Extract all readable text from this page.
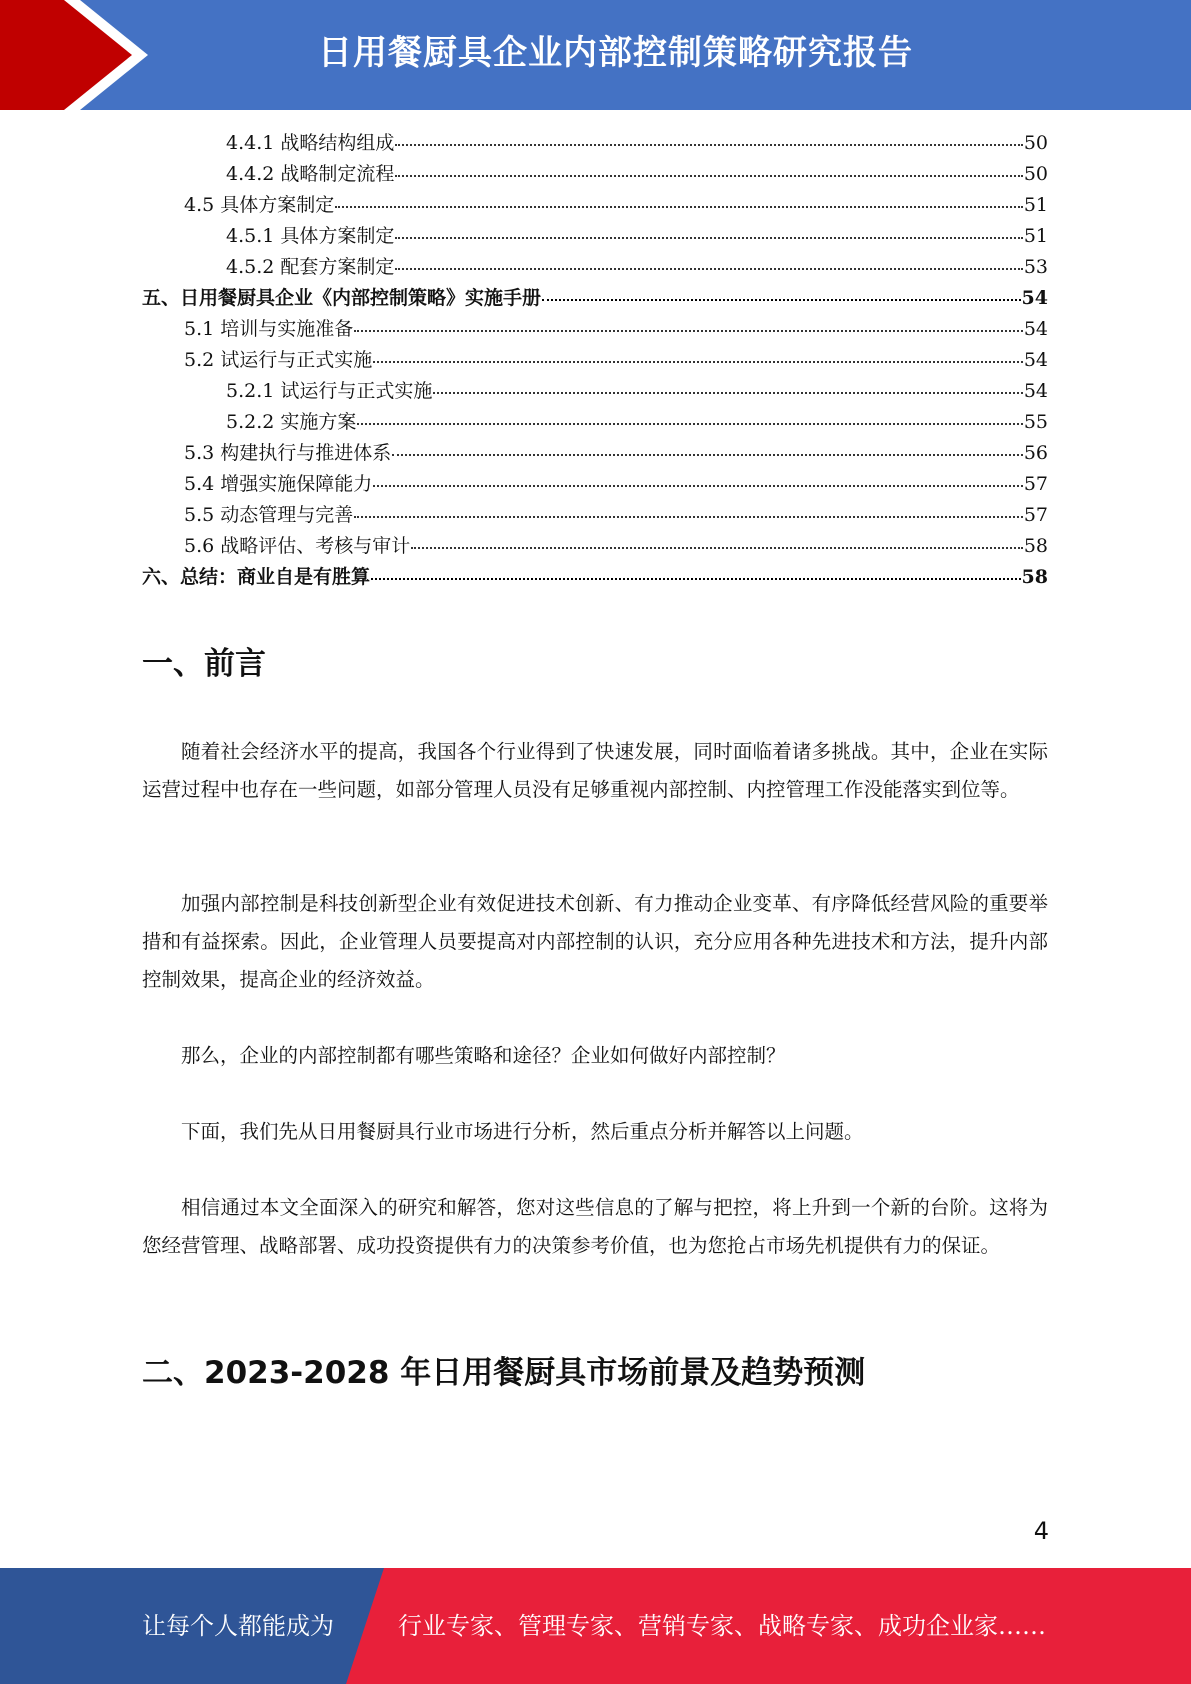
日用餐厨具企业内部控制策略研究报告
4.4.1 战略结构组成	50
4.4.2 战略制定流程	50
4.5 具体方案制定	51
4.5.1 具体方案制定	51
4.5.2 配套方案制定	53
五、日用餐厨具企业《内部控制策略》实施手册	54
5.1 培训与实施准备	54
5.2 试运行与正式实施	54
5.2.1 试运行与正式实施	54
5.2.2 实施方案	55
5.3 构建执行与推进体系	56
5.4 增强实施保障能力	57
5.5 动态管理与完善	57
5.6 战略评估、考核与审计	58
六、总结：商业自是有胜算	58
一、前言

随着社会经济水平的提高，我国各个行业得到了快速发展，同时面临着诸多挑战。其中，企业在实际运营过程中也存在一些问题，如部分管理人员没有足够重视内部控制、内控管理工作没能落实到位等。

加强内部控制是科技创新型企业有效促进技术创新、有力推动企业变革、有序降低经营风险的重要举措和有益探索。因此，企业管理人员要提高对内部控制的认识，充分应用各种先进技术和方法，提升内部控制效果，提高企业的经济效益。

那么，企业的内部控制都有哪些策略和途径？企业如何做好内部控制？

下面，我们先从日用餐厨具行业市场进行分析，然后重点分析并解答以上问题。

相信通过本文全面深入的研究和解答，您对这些信息的了解与把控，将上升到一个新的台阶。这将为您经营管理、战略部署、成功投资提供有力的决策参考价值，也为您抢占市场先机提供有力的保证。

二、2023-2028 年日用餐厨具市场前景及趋势预测
4
让每个人都能成为	行业专家、管理专家、营销专家、战略专家、成功企业家……
